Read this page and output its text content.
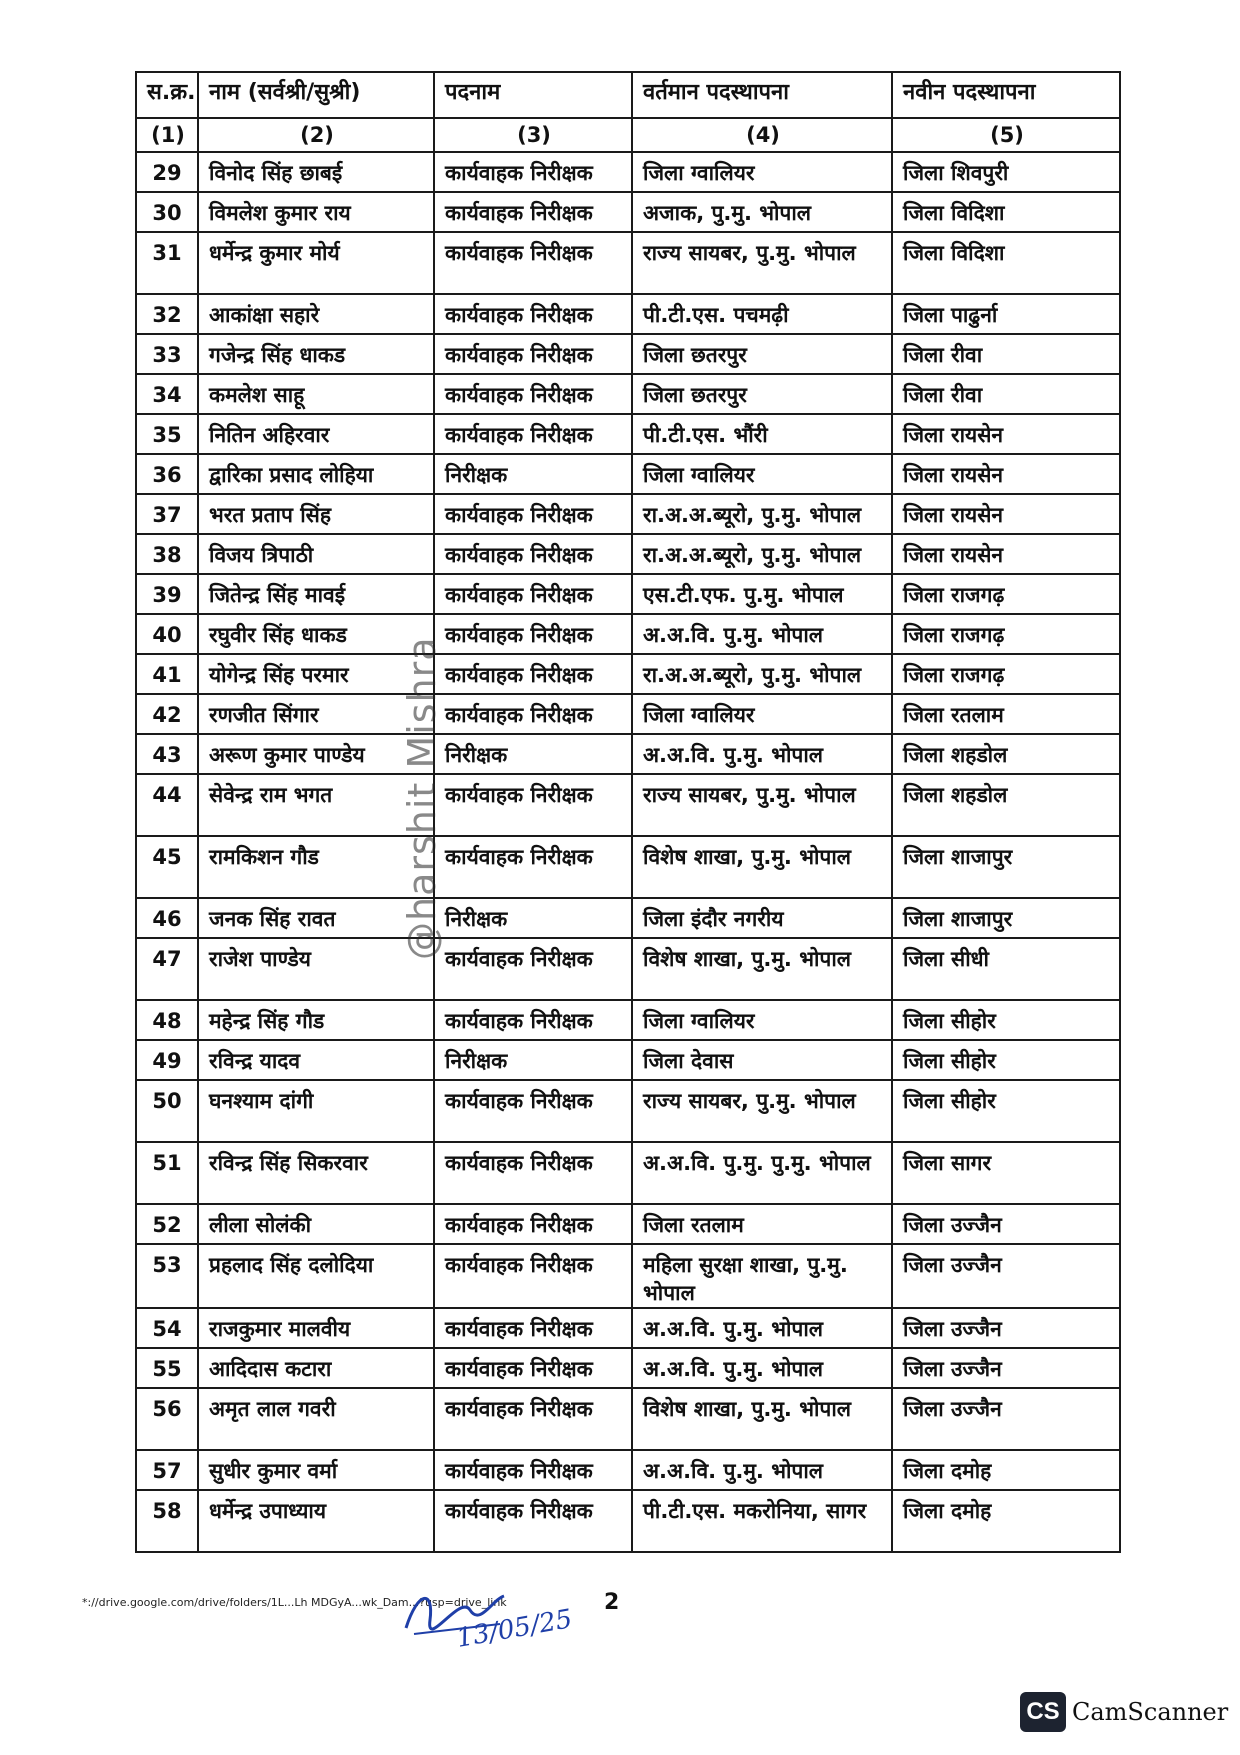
स.क्र.	नाम (सर्वश्री/सुश्री)	पदनाम	वर्तमान पदस्थापना	नवीन पदस्थापना
(1)	(2)	(3)	(4)	(5)
29	विनोद सिंह छाबई	कार्यवाहक निरीक्षक	जिला ग्वालियर	जिला शिवपुरी
30	विमलेश कुमार राय	कार्यवाहक निरीक्षक	अजाक, पु.मु. भोपाल	जिला विदिशा
31	धर्मेन्द्र कुमार मोर्य	कार्यवाहक निरीक्षक	राज्य सायबर, पु.मु. भोपाल	जिला विदिशा
32	आकांक्षा सहारे	कार्यवाहक निरीक्षक	पी.टी.एस. पचमढ़ी	जिला पाढुर्ना
33	गजेन्द्र सिंह धाकड	कार्यवाहक निरीक्षक	जिला छतरपुर	जिला रीवा
34	कमलेश साहू	कार्यवाहक निरीक्षक	जिला छतरपुर	जिला रीवा
35	नितिन अहिरवार	कार्यवाहक निरीक्षक	पी.टी.एस. भौंरी	जिला रायसेन
36	द्वारिका प्रसाद लोहिया	निरीक्षक	जिला ग्वालियर	जिला रायसेन
37	भरत प्रताप सिंह	कार्यवाहक निरीक्षक	रा.अ.अ.ब्यूरो, पु.मु. भोपाल	जिला रायसेन
38	विजय त्रिपाठी	कार्यवाहक निरीक्षक	रा.अ.अ.ब्यूरो, पु.मु. भोपाल	जिला रायसेन
39	जितेन्द्र सिंह मावई	कार्यवाहक निरीक्षक	एस.टी.एफ. पु.मु. भोपाल	जिला राजगढ़
40	रघुवीर सिंह धाकड	कार्यवाहक निरीक्षक	अ.अ.वि. पु.मु. भोपाल	जिला राजगढ़
41	योगेन्द्र सिंह परमार	कार्यवाहक निरीक्षक	रा.अ.अ.ब्यूरो, पु.मु. भोपाल	जिला राजगढ़
42	रणजीत सिंगार	कार्यवाहक निरीक्षक	जिला ग्वालियर	जिला रतलाम
43	अरूण कुमार पाण्डेय	निरीक्षक	अ.अ.वि. पु.मु. भोपाल	जिला शहडोल
44	सेवेन्द्र राम भगत	कार्यवाहक निरीक्षक	राज्य सायबर, पु.मु. भोपाल	जिला शहडोल
45	रामकिशन गौड	कार्यवाहक निरीक्षक	विशेष शाखा, पु.मु. भोपाल	जिला शाजापुर
46	जनक सिंह रावत	निरीक्षक	जिला इंदौर नगरीय	जिला शाजापुर
47	राजेश पाण्डेय	कार्यवाहक निरीक्षक	विशेष शाखा, पु.मु. भोपाल	जिला सीधी
48	महेन्द्र सिंह गौड	कार्यवाहक निरीक्षक	जिला ग्वालियर	जिला सीहोर
49	रविन्द्र यादव	निरीक्षक	जिला देवास	जिला सीहोर
50	घनश्याम दांगी	कार्यवाहक निरीक्षक	राज्य सायबर, पु.मु. भोपाल	जिला सीहोर
51	रविन्द्र सिंह सिकरवार	कार्यवाहक निरीक्षक	अ.अ.वि. पु.मु. पु.मु. भोपाल	जिला सागर
52	लीला सोलंकी	कार्यवाहक निरीक्षक	जिला रतलाम	जिला उज्जैन
53	प्रहलाद सिंह दलोदिया	कार्यवाहक निरीक्षक	महिला सुरक्षा शाखा, पु.मु. भोपाल	जिला उज्जैन
54	राजकुमार मालवीय	कार्यवाहक निरीक्षक	अ.अ.वि. पु.मु. भोपाल	जिला उज्जैन
55	आदिदास कटारा	कार्यवाहक निरीक्षक	अ.अ.वि. पु.मु. भोपाल	जिला उज्जैन
56	अमृत लाल गवरी	कार्यवाहक निरीक्षक	विशेष शाखा, पु.मु. भोपाल	जिला उज्जैन
57	सुधीर कुमार वर्मा	कार्यवाहक निरीक्षक	अ.अ.वि. पु.मु. भोपाल	जिला दमोह
58	धर्मेन्द्र उपाध्याय	कार्यवाहक निरीक्षक	पी.टी.एस. मकरोनिया, सागर	जिला दमोह
@harshit Mishra
*://drive.google.com/drive/folders/1L...Lh MDGyA...wk_Dam...?usp=drive_link
13/05/25
2
CS CamScanner
